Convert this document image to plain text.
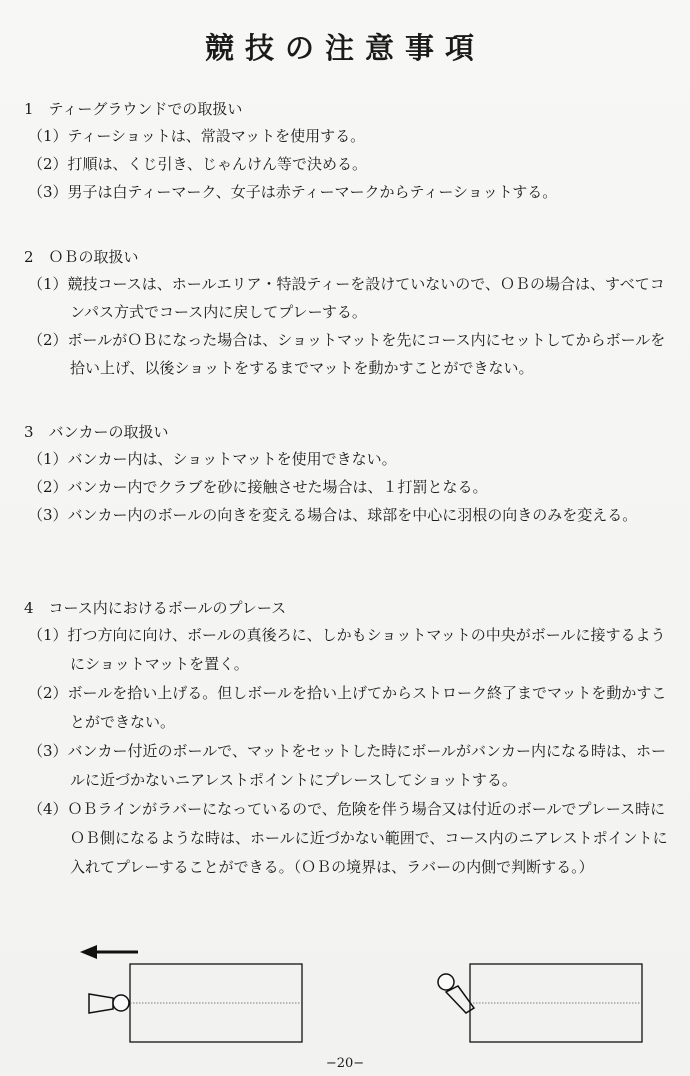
競技の注意事項
1　ティーグラウンドでの取扱い

（1）ティーショットは、常設マットを使用する。

（2）打順は、くじ引き、じゃんけん等で決める。

（3）男子は白ティーマーク、女子は赤ティーマークからティーショットする。

2　ＯＢの取扱い

（1）競技コースは、ホールエリア・特設ティーを設けていないので、ＯＢの場合は、すべてコンパス方式でコース内に戻してプレーする。

（2）ボールがＯＢになった場合は、ショットマットを先にコース内にセットしてからボールを拾い上げ、以後ショットをするまでマットを動かすことができない。

3　バンカーの取扱い

（1）バンカー内は、ショットマットを使用できない。

（2）バンカー内でクラブを砂に接触させた場合は、１打罰となる。

（3）バンカー内のボールの向きを変える場合は、球部を中心に羽根の向きのみを変える。

4　コース内におけるボールのプレース

（1）打つ方向に向け、ボールの真後ろに、しかもショットマットの中央がボールに接するようにショットマットを置く。

（2）ボールを拾い上げる。但しボールを拾い上げてからストローク終了までマットを動かすことができない。

（3）バンカー付近のボールで、マットをセットした時にボールがバンカー内になる時は、ホールに近づかないニアレストポイントにプレースしてショットする。

（4）ＯＢラインがラバーになっているので、危険を伴う場合又は付近のボールでプレース時にＯＢ側になるような時は、ホールに近づかない範囲で、コース内のニアレストポイントに入れてプレーすることができる。（ＯＢの境界は、ラバーの内側で判断する。）

−20−
